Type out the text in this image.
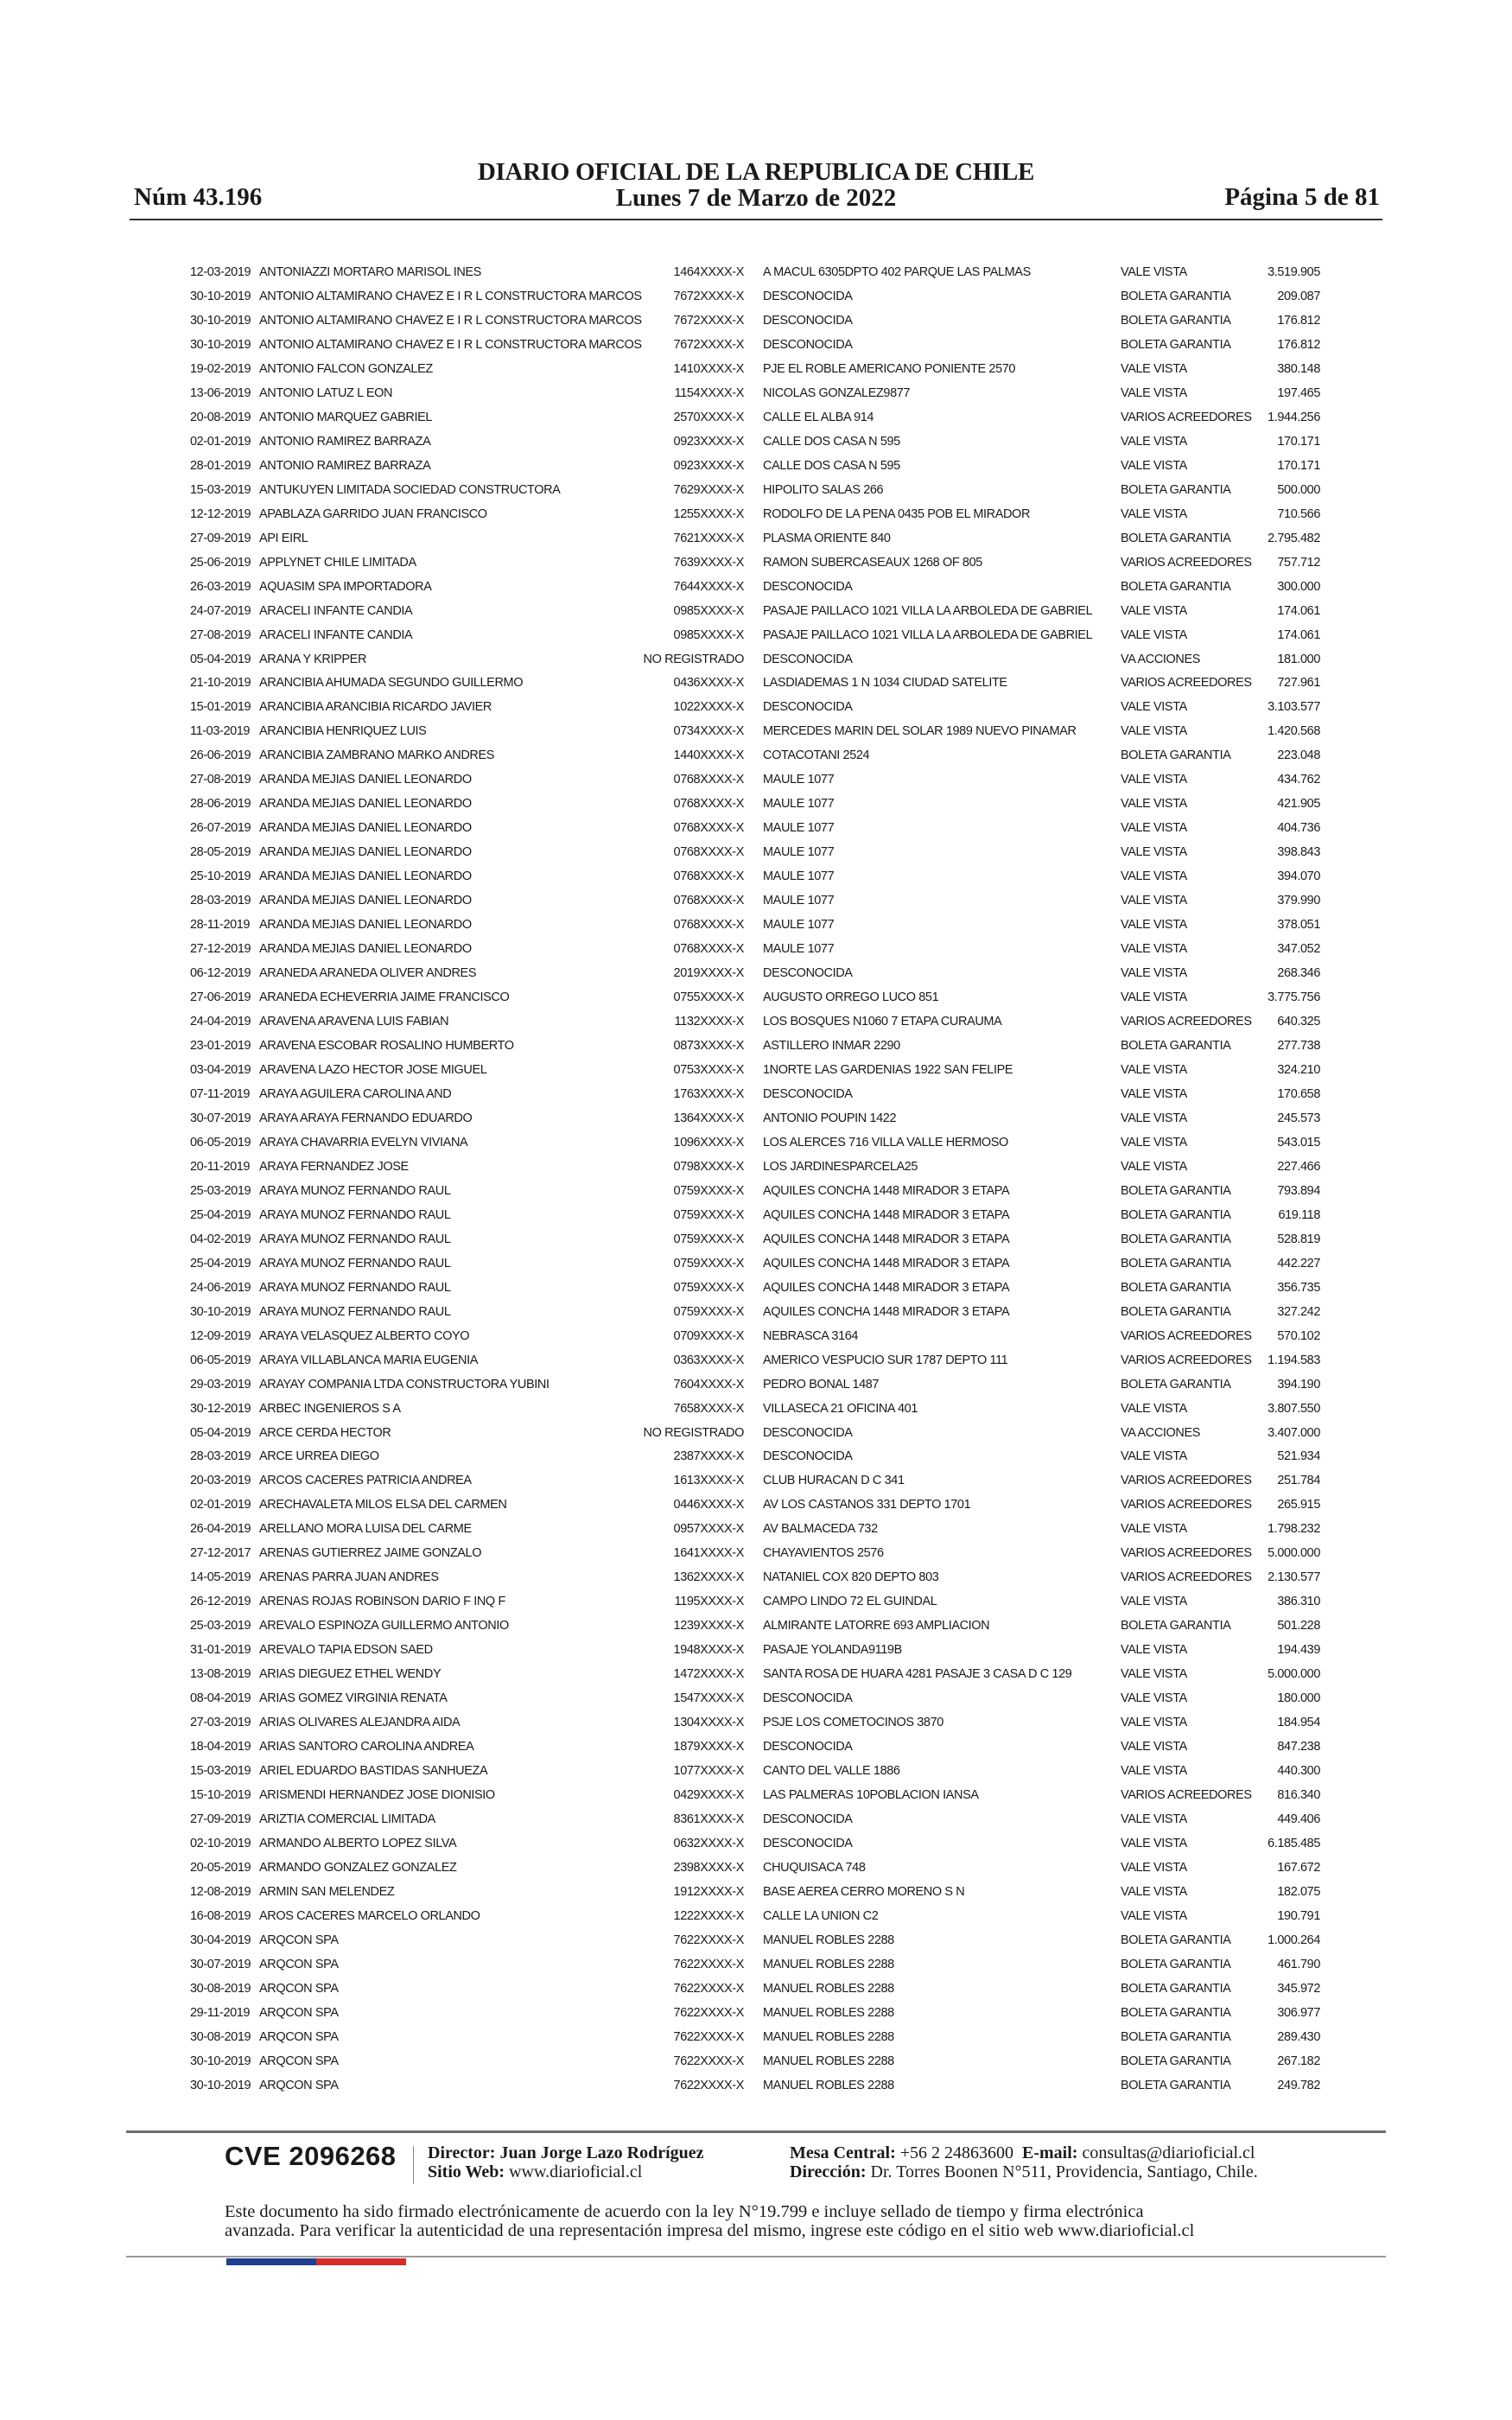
DIARIO OFICIAL DE LA REPUBLICA DE CHILE
Núm 43.196	Lunes 7 de Marzo de 2022	Página 5 de 81
12-03-2019 ANTONIAZZI MORTARO MARISOL INES	1464XXXX-X A MACUL 6305DPTO 402 PARQUE LAS PALMAS	VALE VISTA	3.519.905
30-10-2019 ANTONIO ALTAMIRANO CHAVEZ E I R L CONSTRUCTORA MARCOS	7672XXXX-X DESCONOCIDA	BOLETA GARANTIA	209.087
30-10-2019 ANTONIO ALTAMIRANO CHAVEZ E I R L CONSTRUCTORA MARCOS	7672XXXX-X DESCONOCIDA	BOLETA GARANTIA	176.812
30-10-2019 ANTONIO ALTAMIRANO CHAVEZ E I R L CONSTRUCTORA MARCOS	7672XXXX-X DESCONOCIDA	BOLETA GARANTIA	176.812
19-02-2019 ANTONIO FALCON GONZALEZ	1410XXXX-X PJE EL ROBLE AMERICANO PONIENTE 2570	VALE VISTA	380.148
13-06-2019 ANTONIO LATUZ L EON	1154XXXX-X NICOLAS GONZALEZ9877	VALE VISTA	197.465
20-08-2019 ANTONIO MARQUEZ GABRIEL	2570XXXX-X CALLE EL ALBA 914	VARIOS ACREEDORES 1.944.256
02-01-2019 ANTONIO RAMIREZ BARRAZA	0923XXXX-X CALLE DOS CASA N 595	VALE VISTA	170.171
28-01-2019 ANTONIO RAMIREZ BARRAZA	0923XXXX-X CALLE DOS CASA N 595	VALE VISTA	170.171
15-03-2019 ANTUKUYEN LIMITADA SOCIEDAD CONSTRUCTORA	7629XXXX-X HIPOLITO SALAS 266	BOLETA GARANTIA	500.000
12-12-2019 APABLAZA GARRIDO JUAN FRANCISCO	1255XXXX-X RODOLFO DE LA PENA 0435 POB EL MIRADOR	VALE VISTA	710.566
27-09-2019 API EIRL	7621XXXX-X PLASMA ORIENTE 840	BOLETA GARANTIA	2.795.482
25-06-2019 APPLYNET CHILE LIMITADA	7639XXXX-X RAMON SUBERCASEAUX 1268 OF 805	VARIOS ACREEDORES 757.712
26-03-2019 AQUASIM SPA IMPORTADORA	7644XXXX-X DESCONOCIDA	BOLETA GARANTIA	300.000
24-07-2019 ARACELI INFANTE CANDIA	0985XXXX-X PASAJE PAILLACO 1021 VILLA LA ARBOLEDA DE GABRIEL VALE VISTA	174.061
27-08-2019 ARACELI INFANTE CANDIA	0985XXXX-X PASAJE PAILLACO 1021 VILLA LA ARBOLEDA DE GABRIEL VALE VISTA	174.061
05-04-2019 ARANA Y KRIPPER	NO REGISTRADO DESCONOCIDA	VA ACCIONES	181.000
21-10-2019 ARANCIBIA AHUMADA SEGUNDO GUILLERMO	0436XXXX-X LASDIADEMAS 1 N 1034 CIUDAD SATELITE	VARIOS ACREEDORES 727.961
15-01-2019 ARANCIBIA ARANCIBIA RICARDO JAVIER	1022XXXX-X DESCONOCIDA	VALE VISTA	3.103.577
11-03-2019 ARANCIBIA HENRIQUEZ LUIS	0734XXXX-X MERCEDES MARIN DEL SOLAR 1989 NUEVO PINAMAR	VALE VISTA	1.420.568
26-06-2019 ARANCIBIA ZAMBRANO MARKO ANDRES	1440XXXX-X COTACOTANI 2524	BOLETA GARANTIA	223.048
27-08-2019 ARANDA MEJIAS DANIEL LEONARDO	0768XXXX-X MAULE 1077	VALE VISTA	434.762
28-06-2019 ARANDA MEJIAS DANIEL LEONARDO	0768XXXX-X MAULE 1077	VALE VISTA	421.905
26-07-2019 ARANDA MEJIAS DANIEL LEONARDO	0768XXXX-X MAULE 1077	VALE VISTA	404.736
28-05-2019 ARANDA MEJIAS DANIEL LEONARDO	0768XXXX-X MAULE 1077	VALE VISTA	398.843
25-10-2019 ARANDA MEJIAS DANIEL LEONARDO	0768XXXX-X MAULE 1077	VALE VISTA	394.070
28-03-2019 ARANDA MEJIAS DANIEL LEONARDO	0768XXXX-X MAULE 1077	VALE VISTA	379.990
28-11-2019 ARANDA MEJIAS DANIEL LEONARDO	0768XXXX-X MAULE 1077	VALE VISTA	378.051
27-12-2019 ARANDA MEJIAS DANIEL LEONARDO	0768XXXX-X MAULE 1077	VALE VISTA	347.052
06-12-2019 ARANEDA ARANEDA OLIVER ANDRES	2019XXXX-X DESCONOCIDA	VALE VISTA	268.346
27-06-2019 ARANEDA ECHEVERRIA JAIME FRANCISCO	0755XXXX-X AUGUSTO ORREGO LUCO 851	VALE VISTA	3.775.756
24-04-2019 ARAVENA ARAVENA LUIS FABIAN	1132XXXX-X LOS BOSQUES N1060 7 ETAPA CURAUMA	VARIOS ACREEDORES 640.325
23-01-2019 ARAVENA ESCOBAR ROSALINO HUMBERTO	0873XXXX-X ASTILLERO INMAR 2290	BOLETA GARANTIA	277.738
03-04-2019 ARAVENA LAZO HECTOR JOSE MIGUEL	0753XXXX-X 1NORTE LAS GARDENIAS 1922 SAN FELIPE	VALE VISTA	324.210
07-11-2019 ARAYA AGUILERA CAROLINA AND	1763XXXX-X DESCONOCIDA	VALE VISTA	170.658
30-07-2019 ARAYA ARAYA FERNANDO EDUARDO	1364XXXX-X ANTONIO POUPIN 1422	VALE VISTA	245.573
06-05-2019 ARAYA CHAVARRIA EVELYN VIVIANA	1096XXXX-X LOS ALERCES 716 VILLA VALLE HERMOSO	VALE VISTA	543.015
20-11-2019 ARAYA FERNANDEZ JOSE	0798XXXX-X LOS JARDINESPARCELA25	VALE VISTA	227.466
25-03-2019 ARAYA MUNOZ FERNANDO RAUL	0759XXXX-X AQUILES CONCHA 1448 MIRADOR 3 ETAPA	BOLETA GARANTIA	793.894
25-04-2019 ARAYA MUNOZ FERNANDO RAUL	0759XXXX-X AQUILES CONCHA 1448 MIRADOR 3 ETAPA	BOLETA GARANTIA	619.118
04-02-2019 ARAYA MUNOZ FERNANDO RAUL	0759XXXX-X AQUILES CONCHA 1448 MIRADOR 3 ETAPA	BOLETA GARANTIA	528.819
25-04-2019 ARAYA MUNOZ FERNANDO RAUL	0759XXXX-X AQUILES CONCHA 1448 MIRADOR 3 ETAPA	BOLETA GARANTIA	442.227
24-06-2019 ARAYA MUNOZ FERNANDO RAUL	0759XXXX-X AQUILES CONCHA 1448 MIRADOR 3 ETAPA	BOLETA GARANTIA	356.735
30-10-2019 ARAYA MUNOZ FERNANDO RAUL	0759XXXX-X AQUILES CONCHA 1448 MIRADOR 3 ETAPA	BOLETA GARANTIA	327.242
12-09-2019 ARAYA VELASQUEZ ALBERTO COYO	0709XXXX-X NEBRASCA 3164	VARIOS ACREEDORES 570.102
06-05-2019 ARAYA VILLABLANCA MARIA EUGENIA	0363XXXX-X AMERICO VESPUCIO SUR 1787 DEPTO 111	VARIOS ACREEDORES 1.194.583
29-03-2019 ARAYAY COMPANIA LTDA CONSTRUCTORA YUBINI	7604XXXX-X PEDRO BONAL 1487	BOLETA GARANTIA	394.190
30-12-2019 ARBEC INGENIEROS S A	7658XXXX-X VILLASECA 21 OFICINA 401	VALE VISTA	3.807.550
05-04-2019 ARCE CERDA HECTOR	NO REGISTRADO DESCONOCIDA	VA ACCIONES	3.407.000
28-03-2019 ARCE URREA DIEGO	2387XXXX-X DESCONOCIDA	VALE VISTA	521.934
20-03-2019 ARCOS CACERES PATRICIA ANDREA	1613XXXX-X CLUB HURACAN D C 341	VARIOS ACREEDORES 251.784
02-01-2019 ARECHAVALETA MILOS ELSA DEL CARMEN	0446XXXX-X AV LOS CASTANOS 331 DEPTO 1701	VARIOS ACREEDORES 265.915
26-04-2019 ARELLANO MORA LUISA DEL CARME	0957XXXX-X AV BALMACEDA 732	VALE VISTA	1.798.232
27-12-2017 ARENAS GUTIERREZ JAIME GONZALO	1641XXXX-X CHAYAVIENTOS 2576	VARIOS ACREEDORES 5.000.000
14-05-2019 ARENAS PARRA JUAN ANDRES	1362XXXX-X NATANIEL COX 820 DEPTO 803	VARIOS ACREEDORES 2.130.577
26-12-2019 ARENAS ROJAS ROBINSON DARIO F INQ F	1195XXXX-X CAMPO LINDO 72 EL GUINDAL	VALE VISTA	386.310
25-03-2019 AREVALO ESPINOZA GUILLERMO ANTONIO	1239XXXX-X ALMIRANTE LATORRE 693 AMPLIACION	BOLETA GARANTIA	501.228
31-01-2019 AREVALO TAPIA EDSON SAED	1948XXXX-X PASAJE YOLANDA9119B	VALE VISTA	194.439
13-08-2019 ARIAS DIEGUEZ ETHEL WENDY	1472XXXX-X SANTA ROSA DE HUARA 4281 PASAJE 3 CASA D C 129	VALE VISTA	5.000.000
08-04-2019 ARIAS GOMEZ VIRGINIA RENATA	1547XXXX-X DESCONOCIDA	VALE VISTA	180.000
27-03-2019 ARIAS OLIVARES ALEJANDRA AIDA	1304XXXX-X PSJE LOS COMETOCINOS 3870	VALE VISTA	184.954
18-04-2019 ARIAS SANTORO CAROLINA ANDREA	1879XXXX-X DESCONOCIDA	VALE VISTA	847.238
15-03-2019 ARIEL EDUARDO BASTIDAS SANHUEZA	1077XXXX-X CANTO DEL VALLE 1886	VALE VISTA	440.300
15-10-2019 ARISMENDI HERNANDEZ JOSE DIONISIO	0429XXXX-X LAS PALMERAS 10POBLACION IANSA	VARIOS ACREEDORES 816.340
27-09-2019 ARIZTIA COMERCIAL LIMITADA	8361XXXX-X DESCONOCIDA	VALE VISTA	449.406
02-10-2019 ARMANDO ALBERTO LOPEZ SILVA	0632XXXX-X DESCONOCIDA	VALE VISTA	6.185.485
20-05-2019 ARMANDO GONZALEZ GONZALEZ	2398XXXX-X CHUQUISACA 748	VALE VISTA	167.672
12-08-2019 ARMIN SAN MELENDEZ	1912XXXX-X BASE AEREA CERRO MORENO S N	VALE VISTA	182.075
16-08-2019 AROS CACERES MARCELO ORLANDO	1222XXXX-X CALLE LA UNION C2	VALE VISTA	190.791
30-04-2019 ARQCON SPA	7622XXXX-X MANUEL ROBLES 2288	BOLETA GARANTIA	1.000.264
30-07-2019 ARQCON SPA	7622XXXX-X MANUEL ROBLES 2288	BOLETA GARANTIA	461.790
30-08-2019 ARQCON SPA	7622XXXX-X MANUEL ROBLES 2288	BOLETA GARANTIA	345.972
29-11-2019 ARQCON SPA	7622XXXX-X MANUEL ROBLES 2288	BOLETA GARANTIA	306.977
30-08-2019 ARQCON SPA	7622XXXX-X MANUEL ROBLES 2288	BOLETA GARANTIA	289.430
30-10-2019 ARQCON SPA	7622XXXX-X MANUEL ROBLES 2288	BOLETA GARANTIA	267.182
30-10-2019 ARQCON SPA	7622XXXX-X MANUEL ROBLES 2288	BOLETA GARANTIA	249.782
CVE 2096268 Director: Juan Jorge Lazo Rodríguez
Sitio Web: www.diarioficial.cl
Mesa Central: +56 2 24863600 E-mail: consultas@diarioficial.cl
Dirección: Dr. Torres Boonen N°511, Providencia, Santiago, Chile.
Este documento ha sido firmado electrónicamente de acuerdo con la ley N°19.799 e incluye sellado de tiempo y firma electrónica
avanzada. Para verificar la autenticidad de una representación impresa del mismo, ingrese este código en el sitio web www.diarioficial.cl
